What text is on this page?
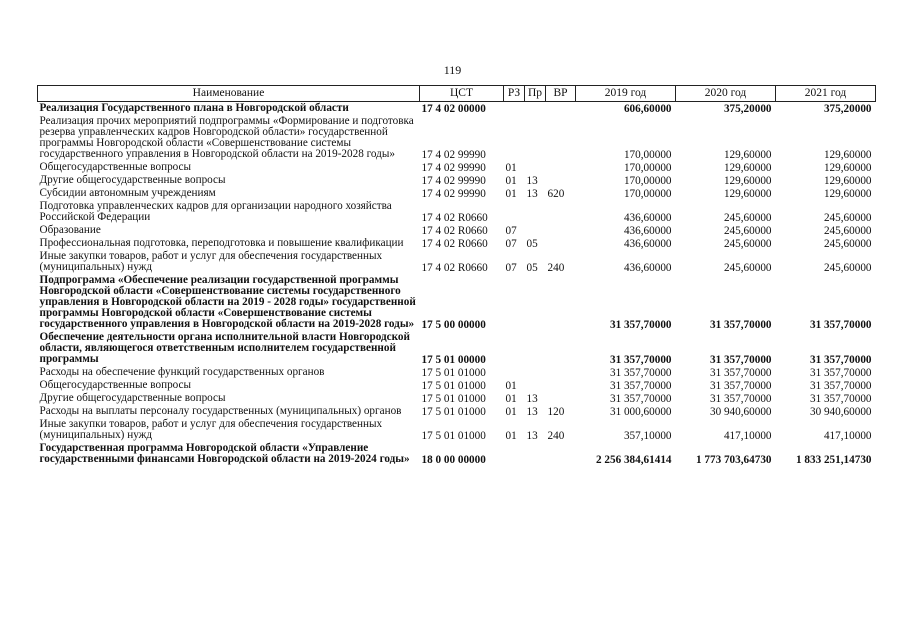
119
Наименование	ЦСТ	РЗ	Пр	ВР	2019 год	2020 год	2021 год
Реализация Государственного плана в Новгородской области	17 4 02 00000				606,60000	375,20000	375,20000
Реализация прочих мероприятий подпрограммы «Формирование и подготовка резерва управленческих кадров Новгородской области» государственной программы Новгородской области «Совершенствование системы государственного управления в Новгородской области на 2019-2028 годы»	17 4 02 99990				170,00000	129,60000	129,60000
Общегосударственные вопросы	17 4 02 99990	01			170,00000	129,60000	129,60000
Другие общегосударственные вопросы	17 4 02 99990	01	13		170,00000	129,60000	129,60000
Субсидии автономным учреждениям	17 4 02 99990	01	13	620	170,00000	129,60000	129,60000
Подготовка управленческих кадров для организации народного хозяйства Российской Федерации	17 4 02 R0660				436,60000	245,60000	245,60000
Образование	17 4 02 R0660	07			436,60000	245,60000	245,60000
Профессиональная подготовка, переподготовка и повышение квалификации	17 4 02 R0660	07	05		436,60000	245,60000	245,60000
Иные закупки товаров, работ и услуг для обеспечения государственных (муниципальных) нужд	17 4 02 R0660	07	05	240	436,60000	245,60000	245,60000
Подпрограмма «Обеспечение реализации государственной программы Новгородской области «Совершенствование системы государственного управления в Новгородской области на 2019 - 2028 годы» государственной программы Новгородской области «Совершенствование системы государственного управления в Новгородской области на 2019-2028 годы»	17 5 00 00000				31 357,70000	31 357,70000	31 357,70000
Обеспечение деятельности органа исполнительной власти Новгородской области, являющегося ответственным исполнителем государственной программы	17 5 01 00000				31 357,70000	31 357,70000	31 357,70000
Расходы на обеспечение функций государственных органов	17 5 01 01000				31 357,70000	31 357,70000	31 357,70000
Общегосударственные вопросы	17 5 01 01000	01			31 357,70000	31 357,70000	31 357,70000
Другие общегосударственные вопросы	17 5 01 01000	01	13		31 357,70000	31 357,70000	31 357,70000
Расходы на выплаты персоналу государственных (муниципальных) органов	17 5 01 01000	01	13	120	31 000,60000	30 940,60000	30 940,60000
Иные закупки товаров, работ и услуг для обеспечения государственных (муниципальных) нужд	17 5 01 01000	01	13	240	357,10000	417,10000	417,10000
Государственная программа Новгородской области «Управление государственными финансами Новгородской области на 2019-2024 годы»	18 0 00 00000				2 256 384,61414	1 773 703,64730	1 833 251,14730
